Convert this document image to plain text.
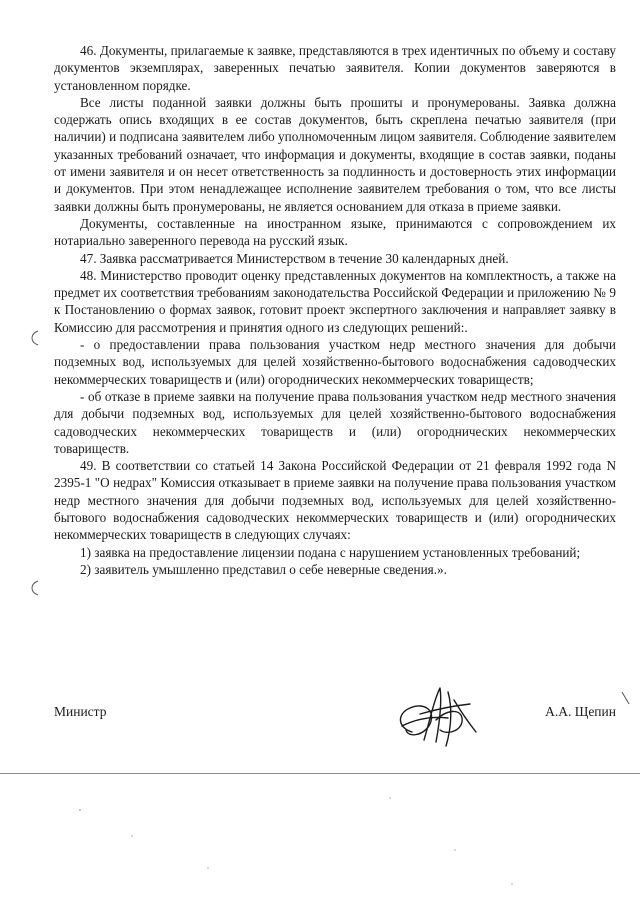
46. Документы, прилагаемые к заявке, представляются в трех идентичных по объему и составу документов экземплярах, заверенных печатью заявителя. Копии документов заверяются в установленном порядке.

Все листы поданной заявки должны быть прошиты и пронумерованы. Заявка должна содержать опись входящих в ее состав документов, быть скреплена печатью заявителя (при наличии) и подписана заявителем либо уполномоченным лицом заявителя. Соблюдение заявителем указанных требований означает, что информация и документы, входящие в состав заявки, поданы от имени заявителя и он несет ответственность за подлинность и достоверность этих информации и документов. При этом ненадлежащее исполнение заявителем требования о том, что все листы заявки должны быть пронумерованы, не является основанием для отказа в приеме заявки.

Документы, составленные на иностранном языке, принимаются с сопровождением их нотариально заверенного перевода на русский язык.

47. Заявка рассматривается Министерством в течение 30 календарных дней.

48. Министерство проводит оценку представленных документов на комплектность, а также на предмет их соответствия требованиям законодательства Российской Федерации и приложению № 9 к Постановлению о формах заявок, готовит проект экспертного заключения и направляет заявку в Комиссию для рассмотрения и принятия одного из следующих решений:.

- о предоставлении права пользования участком недр местного значения для добычи подземных вод, используемых для целей хозяйственно-бытового водоснабжения садоводческих некоммерческих товариществ и (или) огороднических некоммерческих товариществ;

- об отказе в приеме заявки на получение права пользования участком недр местного значения для добычи подземных вод, используемых для целей хозяйственно-бытового водоснабжения садоводческих некоммерческих товариществ и (или) огороднических некоммерческих товариществ.

49. В соответствии со статьей 14 Закона Российской Федерации от 21 февраля 1992 года N 2395-1 "О недрах" Комиссия отказывает в приеме заявки на получение права пользования участком недр местного значения для добычи подземных вод, используемых для целей хозяйственно-бытового водоснабжения садоводческих некоммерческих товариществ и (или) огороднических некоммерческих товариществ в следующих случаях:

1) заявка на предоставление лицензии подана с нарушением установленных требований;

2) заявитель умышленно представил о себе неверные сведения.».

Министр	А.А. Щепин
